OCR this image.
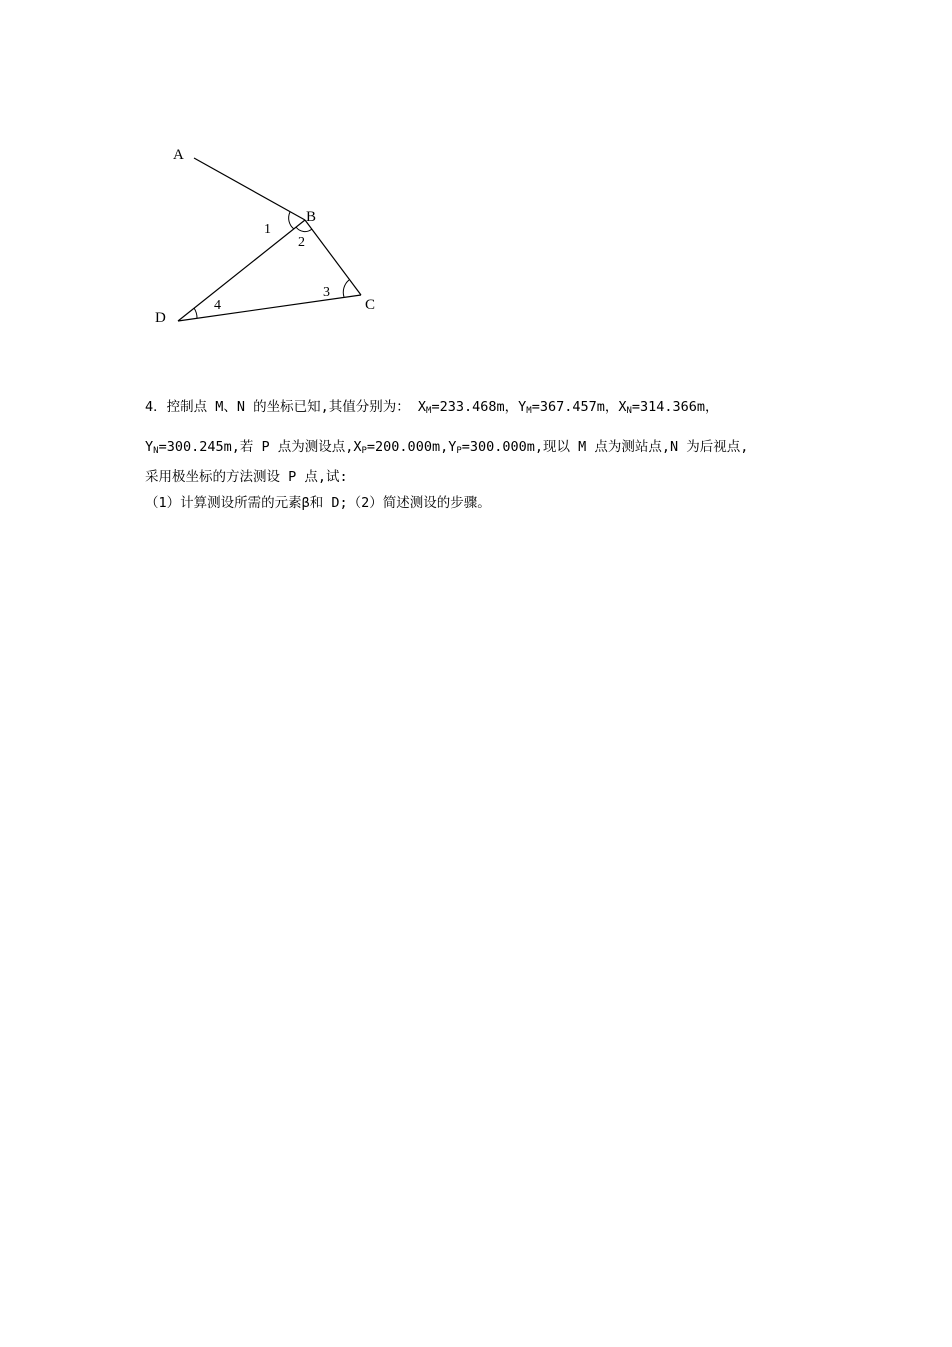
A
B
C
D
1
2
3
4
4．控制点 M、N 的坐标已知,其值分别为： $X_M=233.468m$，$Y_M=367.457m$，$X_N=314.366m$，
$Y_N=300.245m$,若 P 点为测设点$,X_P=200.000m,Y_P=300.000m$,现以 M 点为测站点,N 为后视点,
采用极坐标的方法测设 P 点,试:
（1）计算测设所需的元素β和 D;（2）简述测设的步骤。
